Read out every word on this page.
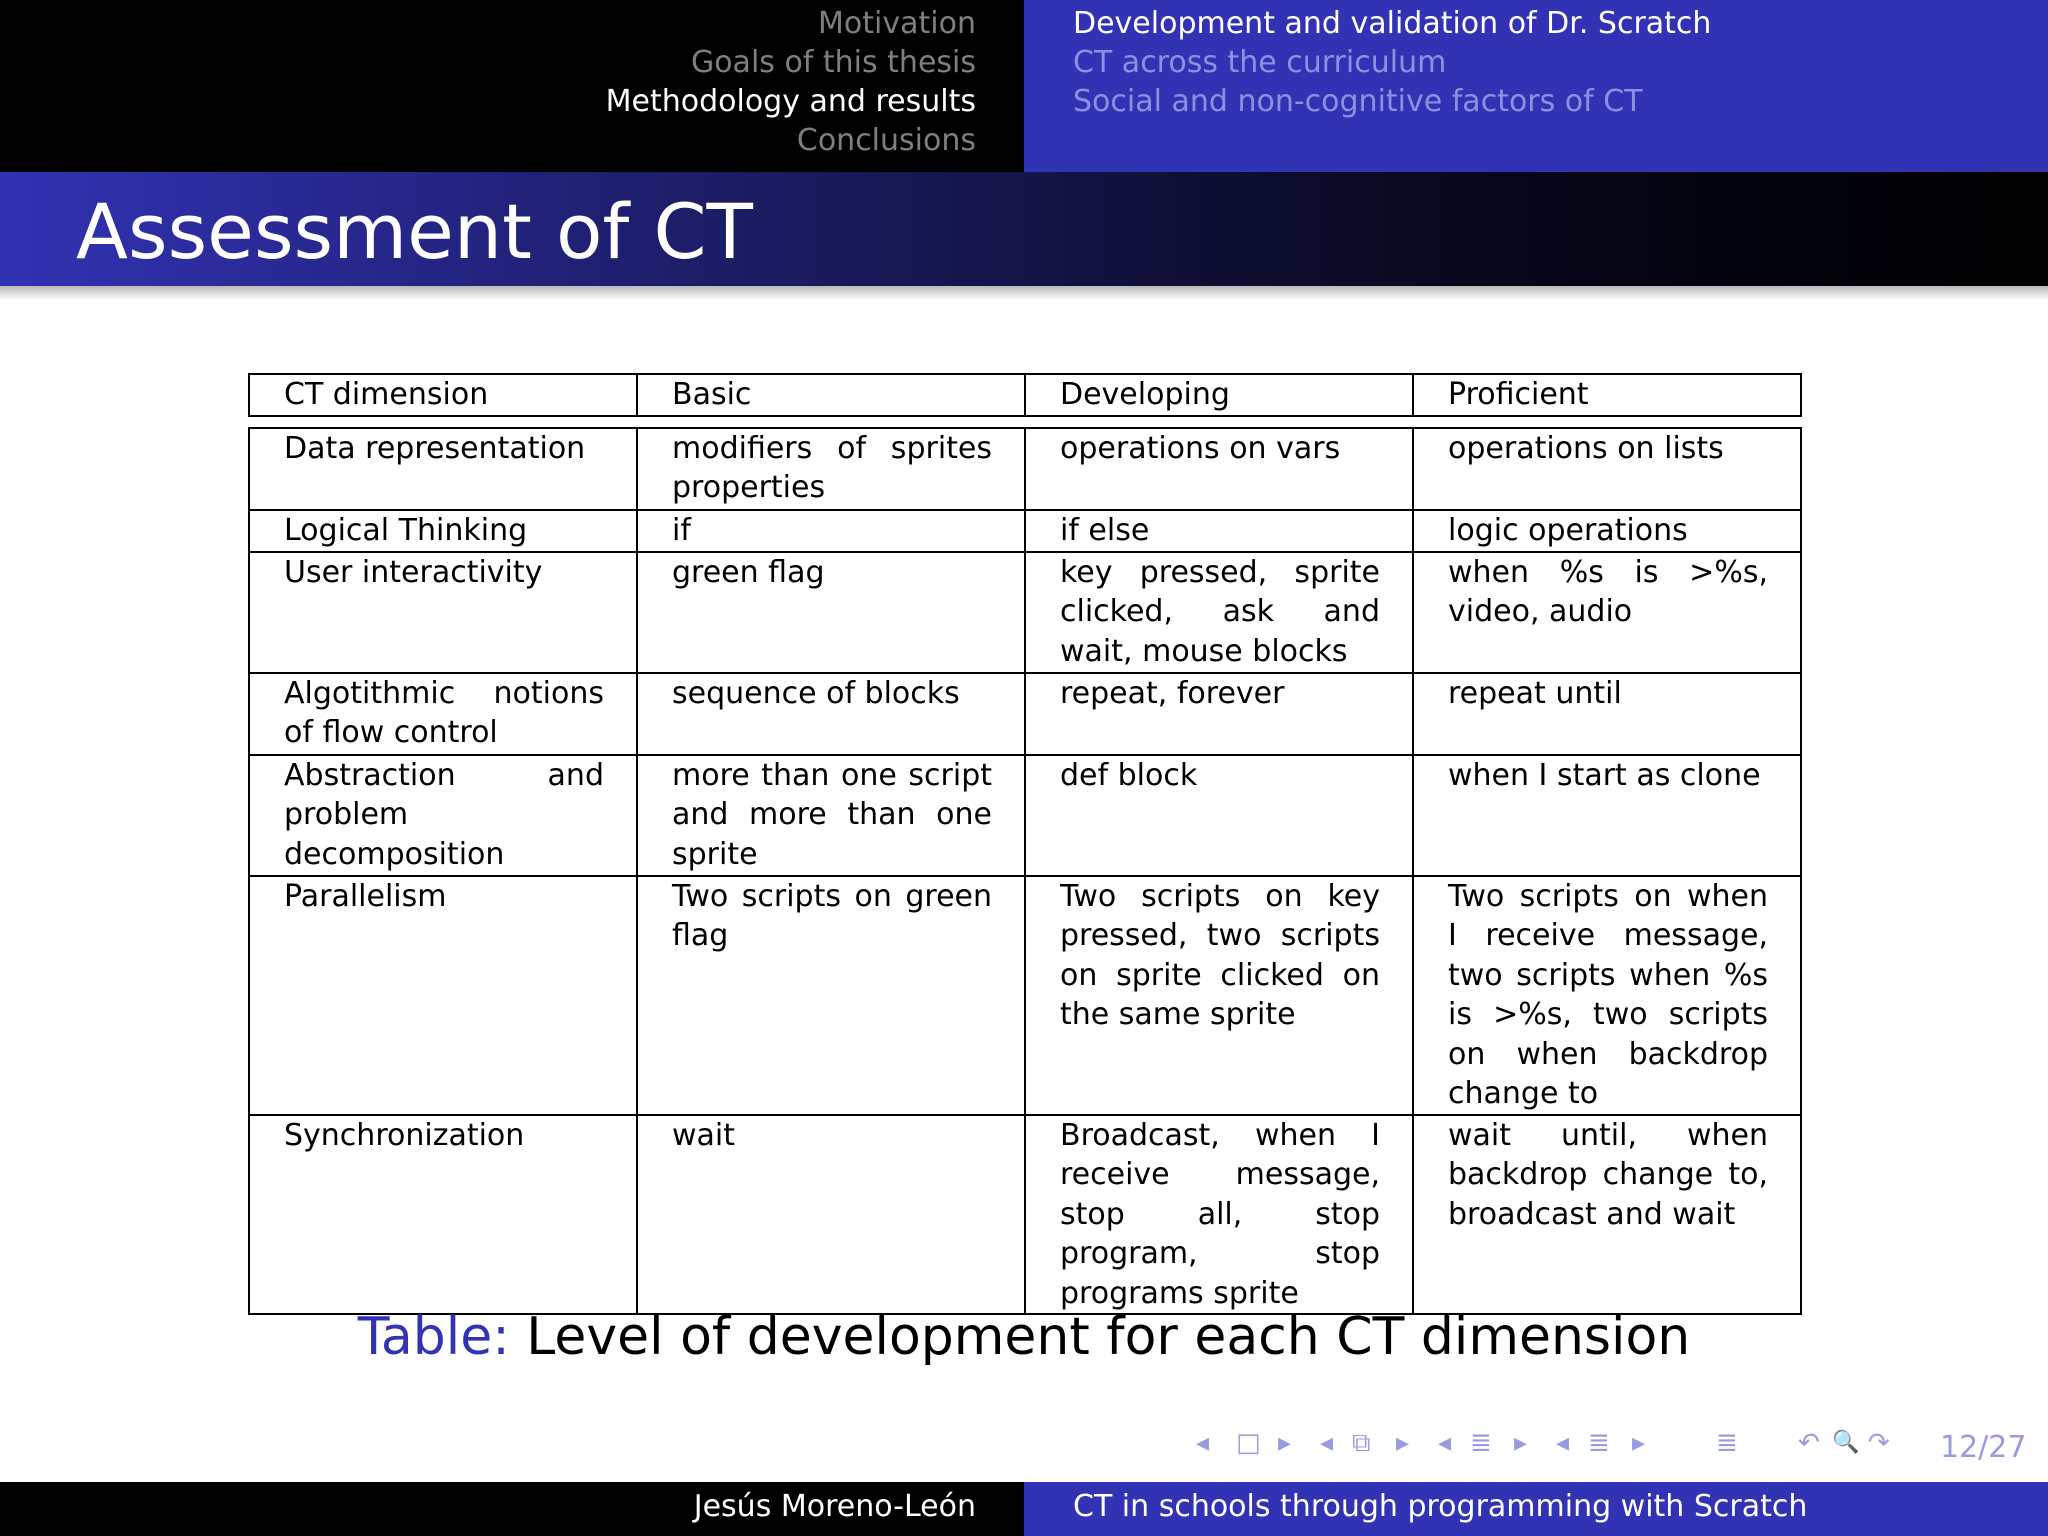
Motivation
Goals of this thesis
Methodology and results
Conclusions
Development and validation of Dr. Scratch
CT across the curriculum
Social and non-cognitive factors of CT
Assessment of CT
CT dimension	Basic	Developing	Proficient

Data representation	modifiers of sprites properties	operations on vars	operations on lists
Logical Thinking	if	if else	logic operations
User interactivity	green flag	key pressed, sprite clicked, ask and wait, mouse blocks	when %s is >%s, video, audio
Algotithmic notions of flow control	sequence of blocks	repeat, forever	repeat until
Abstraction and problem decomposition	more than one script and more than one sprite	def block	when I start as clone
Parallelism	Two scripts on green flag	Two scripts on key pressed, two scripts on sprite clicked on the same sprite	Two scripts on when I receive message, two scripts when %s is >%s, two scripts on when backdrop change to
Synchronization	wait	Broadcast, when I receive message, stop all, stop program, stop programs sprite	wait until, when backdrop change to, broadcast and wait
Table: Level of development for each CT dimension
◂ □ ▸ ◂ ⧉ ▸ ◂ ≣ ▸ ◂ ≣ ▸	≣ ↶ 🔍 ↷ 12/27
Jesús Moreno-León	CT in schools through programming with Scratch
